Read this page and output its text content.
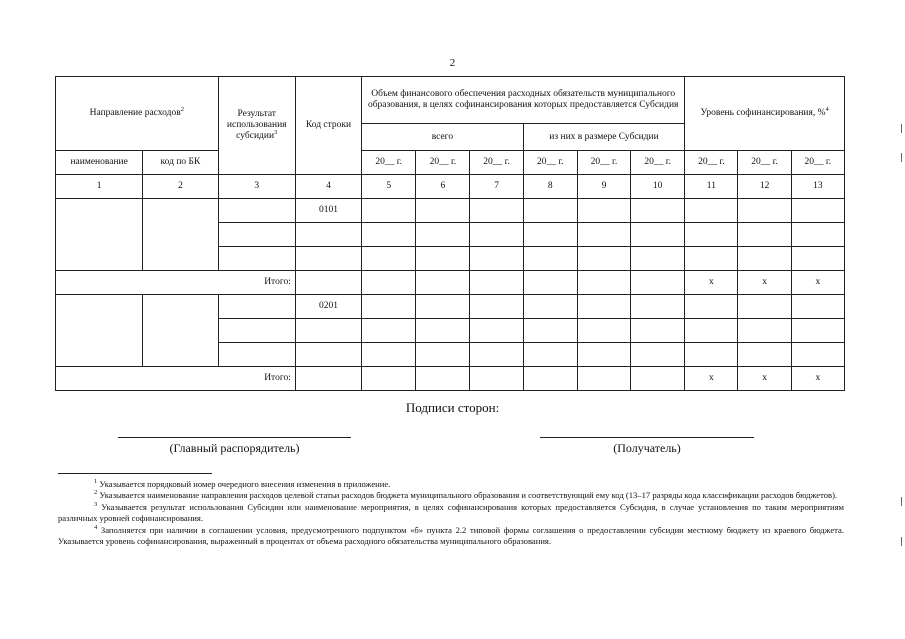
2
Направление расходов$^2$		Результат использования субсидии$^3$	Код строки	Объем финансового обеспечения расходных обязательств муниципального образования, в целях софинансирования которых предоставляется Субсидия						Уровень софинансирования, %$^4$
				всего			из них в размере Субсидии					
наименование	код по БК			20__ г.	20__ г.	20__ г.	20__ г.	20__ г.	20__ г.	20__ г.	20__ г.	20__ г.
1	2	3	4	5	6	7	8	9	10	11	12	13
			0101									

Итого:										x	x	x
			0201									

Итого:										x	x	x
Подписи сторон:
(Главный распорядитель)	(Получатель)

$^1$ Указывается порядковый номер очередного внесения изменения в приложение.

$^2$ Указывается наименование направления расходов целевой статьи расходов бюджета муниципального образования и соответствующий ему код (13–17 разряды кода классификации расходов бюджетов).

$^3$ Указывается результат использования Субсидии или наименование мероприятия, в целях софинансирования которых предоставляется Субсидия, в случае установления по таким мероприятиям различных уровней софинансирования.

$^4$ Заполняется при наличии в соглашении условия, предусмотренного подпунктом «б» пункта 2.2 типовой формы соглашения о предоставлении субсидии местному бюджету из краевого бюджета. Указывается уровень софинансирования, выраженный в процентах от объема расходного обязательства муниципального образования.
